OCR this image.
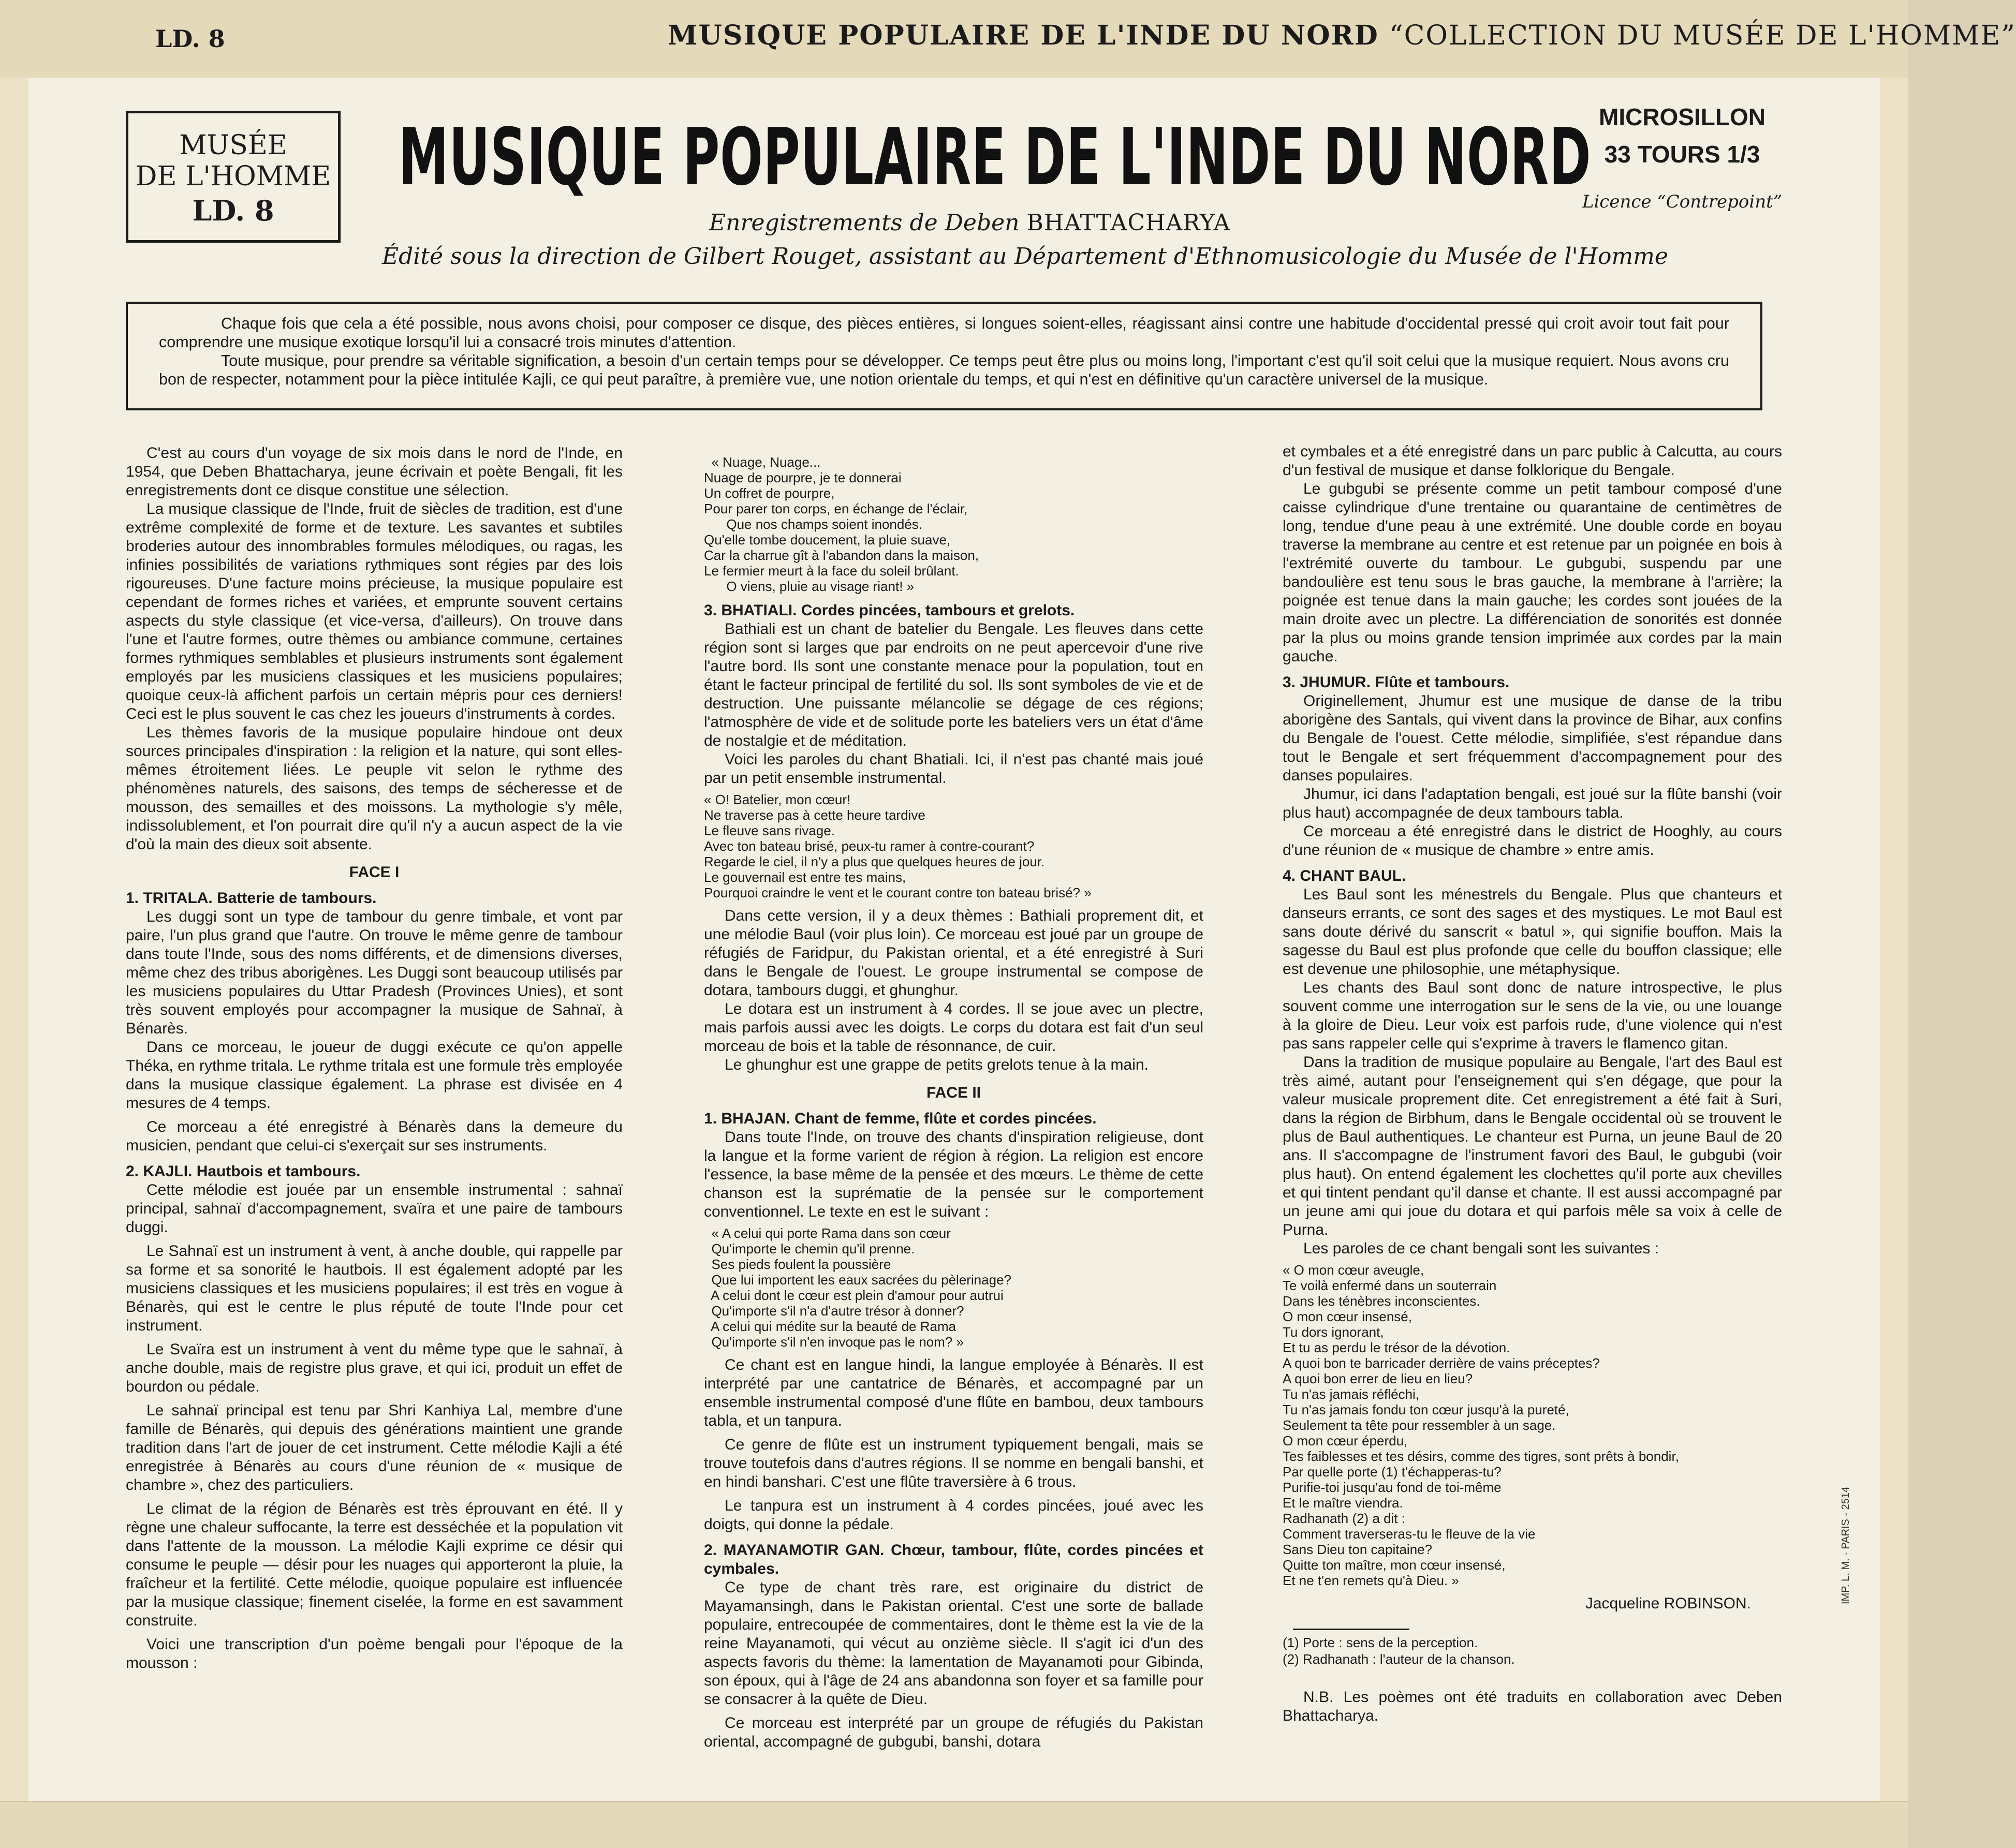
LD. 8	MUSIQUE POPULAIRE DE L'INDE DU NORD “COLLECTION DU MUSÉE DE L'HOMME”
MUSÉE
DE L'HOMME
LD. 8
MUSIQUE POPULAIRE DE L'INDE DU NORD
Enregistrements de Deben BHATTACHARYA
Édité sous la direction de Gilbert Rouget, assistant au Département d'Ethnomusicologie du Musée de l'Homme
MICROSILLON
33 TOURS 1/3
Licence “Contrepoint”

Chaque fois que cela a été possible, nous avons choisi, pour composer ce disque, des pièces entières, si longues soient-elles, réagissant ainsi contre une habitude d'occidental pressé qui croit avoir tout fait pour comprendre une musique exotique lorsqu'il lui a consacré trois minutes d'attention.

Toute musique, pour prendre sa véritable signification, a besoin d'un certain temps pour se développer. Ce temps peut être plus ou moins long, l'important c'est qu'il soit celui que la musique requiert. Nous avons cru bon de respecter, notamment pour la pièce intitulée Kajli, ce qui peut paraître, à première vue, une notion orientale du temps, et qui n'est en définitive qu'un caractère universel de la musique.

C'est au cours d'un voyage de six mois dans le nord de l'Inde, en 1954, que Deben Bhattacharya, jeune écrivain et poète Bengali, fit les enregistrements dont ce disque constitue une sélection.

La musique classique de l'Inde, fruit de siècles de tradition, est d'une extrême complexité de forme et de texture. Les savantes et subtiles broderies autour des innombrables formules mélodiques, ou ragas, les infinies possibilités de variations rythmiques sont régies par des lois rigoureuses. D'une facture moins précieuse, la musique populaire est cependant de formes riches et variées, et emprunte souvent certains aspects du style classique (et vice-versa, d'ailleurs). On trouve dans l'une et l'autre formes, outre thèmes ou ambiance commune, certaines formes rythmiques semblables et plusieurs instruments sont également employés par les musiciens classiques et les musiciens populaires; quoique ceux-là affichent parfois un certain mépris pour ces derniers! Ceci est le plus souvent le cas chez les joueurs d'instruments à cordes.

Les thèmes favoris de la musique populaire hindoue ont deux sources principales d'inspiration : la religion et la nature, qui sont elles-mêmes étroitement liées. Le peuple vit selon le rythme des phénomènes naturels, des saisons, des temps de sécheresse et de mousson, des semailles et des moissons. La mythologie s'y mêle, indissolublement, et l'on pourrait dire qu'il n'y a aucun aspect de la vie d'où la main des dieux soit absente.

FACE I

1. TRITALA. Batterie de tambours.

Les duggi sont un type de tambour du genre timbale, et vont par paire, l'un plus grand que l'autre. On trouve le même genre de tambour dans toute l'Inde, sous des noms différents, et de dimensions diverses, même chez des tribus aborigènes. Les Duggi sont beaucoup utilisés par les musiciens populaires du Uttar Pradesh (Provinces Unies), et sont très souvent employés pour accompagner la musique de Sahnaï, à Bénarès.

Dans ce morceau, le joueur de duggi exécute ce qu'on appelle Théka, en rythme tritala. Le rythme tritala est une formule très employée dans la musique classique également. La phrase est divisée en 4 mesures de 4 temps.

Ce morceau a été enregistré à Bénarès dans la demeure du musicien, pendant que celui-ci s'exerçait sur ses instruments.

2. KAJLI. Hautbois et tambours.

Cette mélodie est jouée par un ensemble instrumental : sahnaï principal, sahnaï d'accompagnement, svaïra et une paire de tambours duggi.

Le Sahnaï est un instrument à vent, à anche double, qui rappelle par sa forme et sa sonorité le hautbois. Il est également adopté par les musiciens classiques et les musiciens populaires; il est très en vogue à Bénarès, qui est le centre le plus réputé de toute l'Inde pour cet instrument.

Le Svaïra est un instrument à vent du même type que le sahnaï, à anche double, mais de registre plus grave, et qui ici, produit un effet de bourdon ou pédale.

Le sahnaï principal est tenu par Shri Kanhiya Lal, membre d'une famille de Bénarès, qui depuis des générations maintient une grande tradition dans l'art de jouer de cet instrument. Cette mélodie Kajli a été enregistrée à Bénarès au cours d'une réunion de « musique de chambre », chez des particuliers.

Le climat de la région de Bénarès est très éprouvant en été. Il y règne une chaleur suffocante, la terre est desséchée et la population vit dans l'attente de la mousson. La mélodie Kajli exprime ce désir qui consume le peuple — désir pour les nuages qui apporteront la pluie, la fraîcheur et la fertilité. Cette mélodie, quoique populaire est influencée par la musique classique; finement ciselée, la forme en est savamment construite.

Voici une transcription d'un poème bengali pour l'époque de la mousson :

« Nuage, Nuage...
Nuage de pourpre, je te donnerai
Un coffret de pourpre,
Pour parer ton corps, en échange de l'éclair,
Que nos champs soient inondés.
Qu'elle tombe doucement, la pluie suave,
Car la charrue gît à l'abandon dans la maison,
Le fermier meurt à la face du soleil brûlant.
O viens, pluie au visage riant! »

3. BHATIALI. Cordes pincées, tambours et grelots.

Bathiali est un chant de batelier du Bengale. Les fleuves dans cette région sont si larges que par endroits on ne peut apercevoir d'une rive l'autre bord. Ils sont une constante menace pour la population, tout en étant le facteur principal de fertilité du sol. Ils sont symboles de vie et de destruction. Une puissante mélancolie se dégage de ces régions; l'atmosphère de vide et de solitude porte les bateliers vers un état d'âme de nostalgie et de méditation.

Voici les paroles du chant Bhatiali. Ici, il n'est pas chanté mais joué par un petit ensemble instrumental.

« O! Batelier, mon cœur!
Ne traverse pas à cette heure tardive
Le fleuve sans rivage.
Avec ton bateau brisé, peux-tu ramer à contre-courant?
Regarde le ciel, il n'y a plus que quelques heures de jour.
Le gouvernail est entre tes mains,
Pourquoi craindre le vent et le courant contre ton bateau brisé? »

Dans cette version, il y a deux thèmes : Bathiali proprement dit, et une mélodie Baul (voir plus loin). Ce morceau est joué par un groupe de réfugiés de Faridpur, du Pakistan oriental, et a été enregistré à Suri dans le Bengale de l'ouest. Le groupe instrumental se compose de dotara, tambours duggi, et ghunghur.

Le dotara est un instrument à 4 cordes. Il se joue avec un plectre, mais parfois aussi avec les doigts. Le corps du dotara est fait d'un seul morceau de bois et la table de résonnance, de cuir.

Le ghunghur est une grappe de petits grelots tenue à la main.

FACE II

1. BHAJAN. Chant de femme, flûte et cordes pincées.

Dans toute l'Inde, on trouve des chants d'inspiration religieuse, dont la langue et la forme varient de région à région. La religion est encore l'essence, la base même de la pensée et des mœurs. Le thème de cette chanson est la suprématie de la pensée sur le comportement conventionnel. Le texte en est le suivant :

« A celui qui porte Rama dans son cœur
Qu'importe le chemin qu'il prenne.
Ses pieds foulent la poussière
Que lui importent les eaux sacrées du pèlerinage?
A celui dont le cœur est plein d'amour pour autrui
Qu'importe s'il n'a d'autre trésor à donner?
A celui qui médite sur la beauté de Rama
Qu'importe s'il n'en invoque pas le nom? »

Ce chant est en langue hindi, la langue employée à Bénarès. Il est interprété par une cantatrice de Bénarès, et accompagné par un ensemble instrumental composé d'une flûte en bambou, deux tambours tabla, et un tanpura.

Ce genre de flûte est un instrument typiquement bengali, mais se trouve toutefois dans d'autres régions. Il se nomme en bengali banshi, et en hindi banshari. C'est une flûte traversière à 6 trous.

Le tanpura est un instrument à 4 cordes pincées, joué avec les doigts, qui donne la pédale.

2. MAYANAMOTIR GAN. Chœur, tambour, flûte, cordes pincées et cymbales.

Ce type de chant très rare, est originaire du district de Mayamansingh, dans le Pakistan oriental. C'est une sorte de ballade populaire, entrecoupée de commentaires, dont le thème est la vie de la reine Mayanamoti, qui vécut au onzième siècle. Il s'agit ici d'un des aspects favoris du thème: la lamentation de Mayanamoti pour Gibinda, son époux, qui à l'âge de 24 ans abandonna son foyer et sa famille pour se consacrer à la quête de Dieu.

Ce morceau est interprété par un groupe de réfugiés du Pakistan oriental, accompagné de gubgubi, banshi, dotara

et cymbales et a été enregistré dans un parc public à Calcutta, au cours d'un festival de musique et danse folklorique du Bengale.

Le gubgubi se présente comme un petit tambour composé d'une caisse cylindrique d'une trentaine ou quarantaine de centimètres de long, tendue d'une peau à une extrémité. Une double corde en boyau traverse la membrane au centre et est retenue par un poignée en bois à l'extrémité ouverte du tambour. Le gubgubi, suspendu par une bandoulière est tenu sous le bras gauche, la membrane à l'arrière; la poignée est tenue dans la main gauche; les cordes sont jouées de la main droite avec un plectre. La différenciation de sonorités est donnée par la plus ou moins grande tension imprimée aux cordes par la main gauche.

3. JHUMUR. Flûte et tambours.

Originellement, Jhumur est une musique de danse de la tribu aborigène des Santals, qui vivent dans la province de Bihar, aux confins du Bengale de l'ouest. Cette mélodie, simplifiée, s'est répandue dans tout le Bengale et sert fréquemment d'accompagnement pour des danses populaires.

Jhumur, ici dans l'adaptation bengali, est joué sur la flûte banshi (voir plus haut) accompagnée de deux tambours tabla.

Ce morceau a été enregistré dans le district de Hooghly, au cours d'une réunion de « musique de chambre » entre amis.

4. CHANT BAUL.

Les Baul sont les ménestrels du Bengale. Plus que chanteurs et danseurs errants, ce sont des sages et des mystiques. Le mot Baul est sans doute dérivé du sanscrit « batul », qui signifie bouffon. Mais la sagesse du Baul est plus profonde que celle du bouffon classique; elle est devenue une philosophie, une métaphysique.

Les chants des Baul sont donc de nature introspective, le plus souvent comme une interrogation sur le sens de la vie, ou une louange à la gloire de Dieu. Leur voix est parfois rude, d'une violence qui n'est pas sans rappeler celle qui s'exprime à travers le flamenco gitan.

Dans la tradition de musique populaire au Bengale, l'art des Baul est très aimé, autant pour l'enseignement qui s'en dégage, que pour la valeur musicale proprement dite. Cet enregistrement a été fait à Suri, dans la région de Birbhum, dans le Bengale occidental où se trouvent le plus de Baul authentiques. Le chanteur est Purna, un jeune Baul de 20 ans. Il s'accompagne de l'instrument favori des Baul, le gubgubi (voir plus haut). On entend également les clochettes qu'il porte aux chevilles et qui tintent pendant qu'il danse et chante. Il est aussi accompagné par un jeune ami qui joue du dotara et qui parfois mêle sa voix à celle de Purna.

Les paroles de ce chant bengali sont les suivantes :

« O mon cœur aveugle,
Te voilà enfermé dans un souterrain
Dans les ténèbres inconscientes.
O mon cœur insensé,
Tu dors ignorant,
Et tu as perdu le trésor de la dévotion.
A quoi bon te barricader derrière de vains préceptes?
A quoi bon errer de lieu en lieu?
Tu n'as jamais réfléchi,
Tu n'as jamais fondu ton cœur jusqu'à la pureté,
Seulement ta tête pour ressembler à un sage.
O mon cœur éperdu,
Tes faiblesses et tes désirs, comme des tigres, sont prêts à bondir,
Par quelle porte (1) t'échapperas-tu?
Purifie-toi jusqu'au fond de toi-même
Et le maître viendra.
Radhanath (2) a dit :
Comment traverseras-tu le fleuve de la vie
Sans Dieu ton capitaine?
Quitte ton maître, mon cœur insensé,
Et ne t'en remets qu'à Dieu. »

Jacqueline ROBINSON.

(1) Porte : sens de la perception.

(2) Radhanath : l'auteur de la chanson.

N.B. Les poèmes ont été traduits en collaboration avec Deben Bhattacharya.

IMP. L. M. - PARIS - 2514
